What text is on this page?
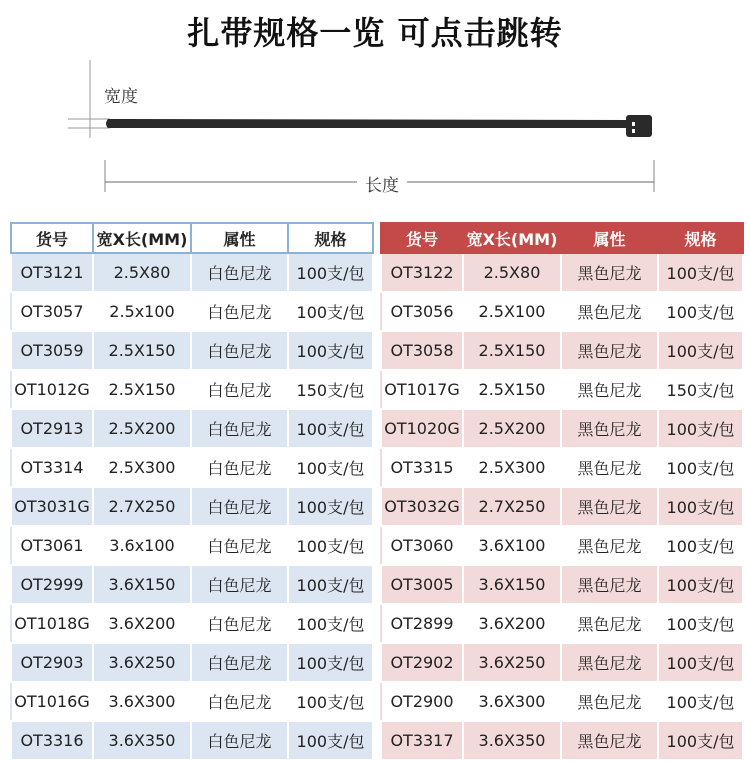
扎带规格一览 可点击跳转
宽度
长度
货号	宽X长(MM)	属性	规格
OT3121	2.5X80	白色尼龙	100支/包
OT3057	2.5x100	白色尼龙	100支/包
OT3059	2.5X150	白色尼龙	100支/包
OT1012G	2.5X150	白色尼龙	150支/包
OT2913	2.5X200	白色尼龙	100支/包
OT3314	2.5X300	白色尼龙	100支/包
OT3031G	2.7X250	白色尼龙	100支/包
OT3061	3.6x100	白色尼龙	100支/包
OT2999	3.6X150	白色尼龙	100支/包
OT1018G	3.6X200	白色尼龙	100支/包
OT2903	3.6X250	白色尼龙	100支/包
OT1016G	3.6X300	白色尼龙	100支/包
OT3316	3.6X350	白色尼龙	100支/包
货号	宽X长(MM)	属性	规格
OT3122	2.5X80	黑色尼龙	100支/包
OT3056	2.5X100	黑色尼龙	100支/包
OT3058	2.5X150	黑色尼龙	100支/包
OT1017G	2.5X150	黑色尼龙	150支/包
OT1020G	2.5X200	黑色尼龙	100支/包
OT3315	2.5X300	黑色尼龙	100支/包
OT3032G	2.7X250	黑色尼龙	100支/包
OT3060	3.6X100	黑色尼龙	100支/包
OT3005	3.6X150	黑色尼龙	100支/包
OT2899	3.6X200	黑色尼龙	100支/包
OT2902	3.6X250	黑色尼龙	100支/包
OT2900	3.6X300	黑色尼龙	100支/包
OT3317	3.6X350	黑色尼龙	100支/包
